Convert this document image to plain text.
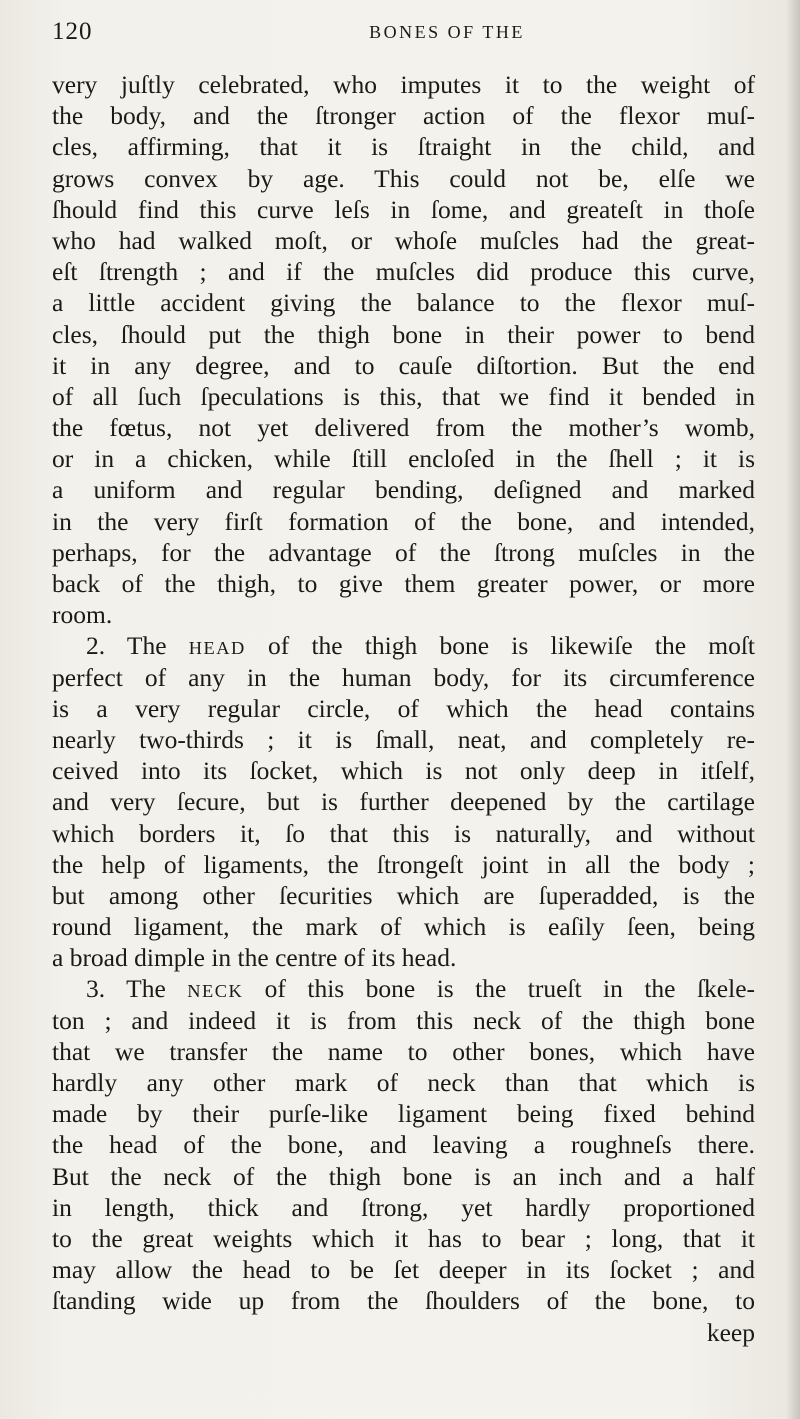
120	BONES OF THE
very juſtly celebrated, who imputes it to the weight of
the body, and the ſtronger action of the flexor muſ-
cles, affirming, that it is ſtraight in the child, and
grows convex by age. This could not be, elſe we
ſhould find this curve leſs in ſome, and greateſt in thoſe
who had walked moſt, or whoſe muſcles had the great-
eſt ſtrength ; and if the muſcles did produce this curve,
a little accident giving the balance to the flexor muſ-
cles, ſhould put the thigh bone in their power to bend
it in any degree, and to cauſe diſtortion. But the end
of all ſuch ſpeculations is this, that we find it bended in
the fœtus, not yet delivered from the mother’s womb,
or in a chicken, while ſtill encloſed in the ſhell ; it is
a uniform and regular bending, deſigned and marked
in the very firſt formation of the bone, and intended,
perhaps, for the advantage of the ſtrong muſcles in the
back of the thigh, to give them greater power, or more
room.
2. The HEAD of the thigh bone is likewiſe the moſt
perfect of any in the human body, for its circumference
is a very regular circle, of which the head contains
nearly two-thirds ; it is ſmall, neat, and completely re-
ceived into its ſocket, which is not only deep in itſelf,
and very ſecure, but is further deepened by the cartilage
which borders it, ſo that this is naturally, and without
the help of ligaments, the ſtrongeſt joint in all the body ;
but among other ſecurities which are ſuperadded, is the
round ligament, the mark of which is eaſily ſeen, being
a broad dimple in the centre of its head.
3. The NECK of this bone is the trueſt in the ſkele-
ton ; and indeed it is from this neck of the thigh bone
that we transfer the name to other bones, which have
hardly any other mark of neck than that which is
made by their purſe-like ligament being fixed behind
the head of the bone, and leaving a roughneſs there.
But the neck of the thigh bone is an inch and a half
in length, thick and ſtrong, yet hardly proportioned
to the great weights which it has to bear ; long, that it
may allow the head to be ſet deeper in its ſocket ; and
ſtanding wide up from the ſhoulders of the bone, to
keep
